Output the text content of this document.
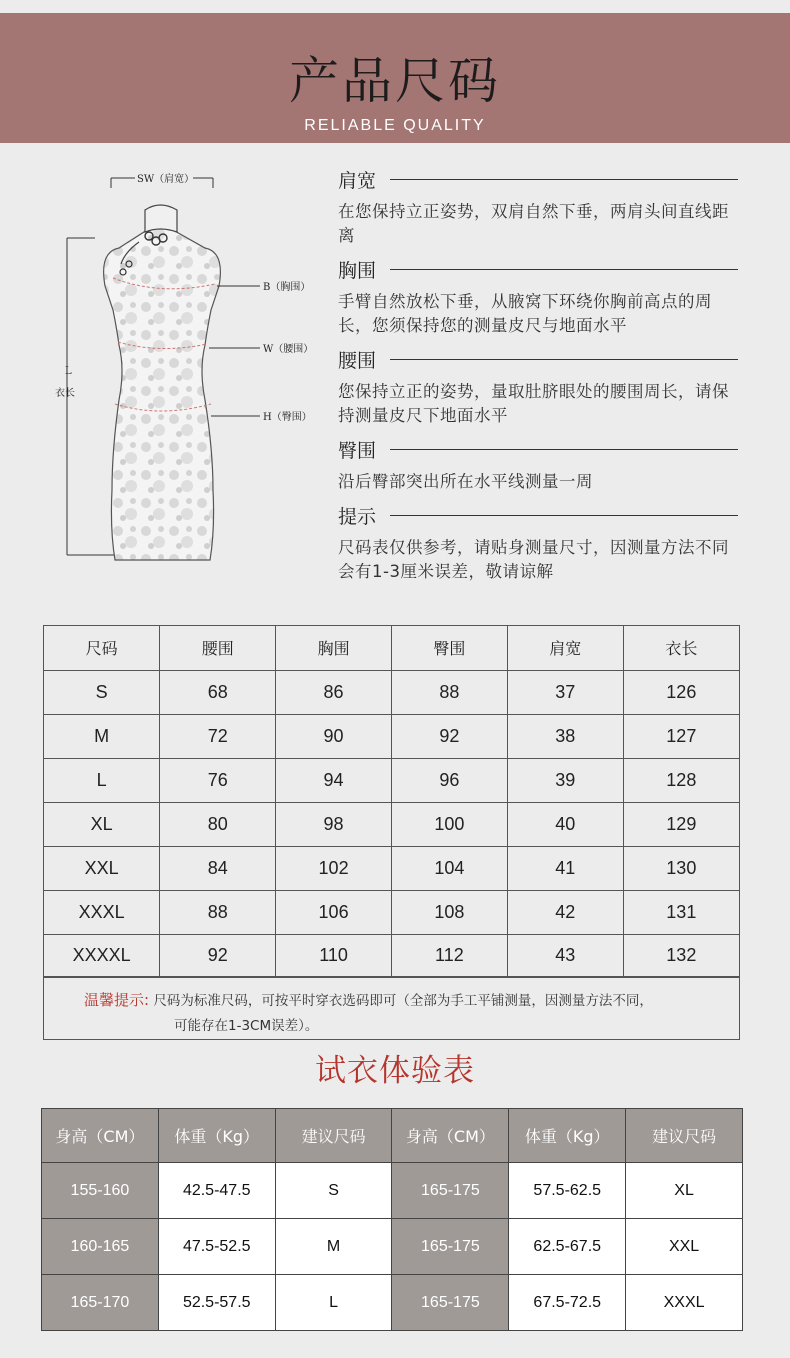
产品尺码
RELIABLE QUALITY
SW（肩宽）
L
衣长
B（胸围）
W（腰围）
H（臀围）
肩宽
在您保持立正姿势，双肩自然下垂，两肩头间直线距离
胸围
手臂自然放松下垂，从腋窝下环绕你胸前高点的周长，您须保持您的测量皮尺与地面水平
腰围
您保持立正的姿势，量取肚脐眼处的腰围周长，请保持测量皮尺下地面水平
臀围
沿后臀部突出所在水平线测量一周
提示
尺码表仅供参考，请贴身测量尺寸，因测量方法不同会有1-3厘米误差，敬请谅解
尺码	腰围	胸围	臀围	肩宽	衣长
S	68	86	88	37	126
M	72	90	92	38	127
L	76	94	96	39	128
XL	80	98	100	40	129
XXL	84	102	104	41	130
XXXL	88	106	108	42	131
XXXXL	92	110	112	43	132
温馨提示: 尺码为标准尺码，可按平时穿衣选码即可（全部为手工平铺测量，因测量方法不同，
可能存在1-3CM误差）。
试衣体验表
身高（CM）	体重（Kg）	建议尺码	身高（CM）	体重（Kg）	建议尺码
155-160	42.5-47.5	S	165-175	57.5-62.5	XL
160-165	47.5-52.5	M	165-175	62.5-67.5	XXL
165-170	52.5-57.5	L	165-175	67.5-72.5	XXXL
